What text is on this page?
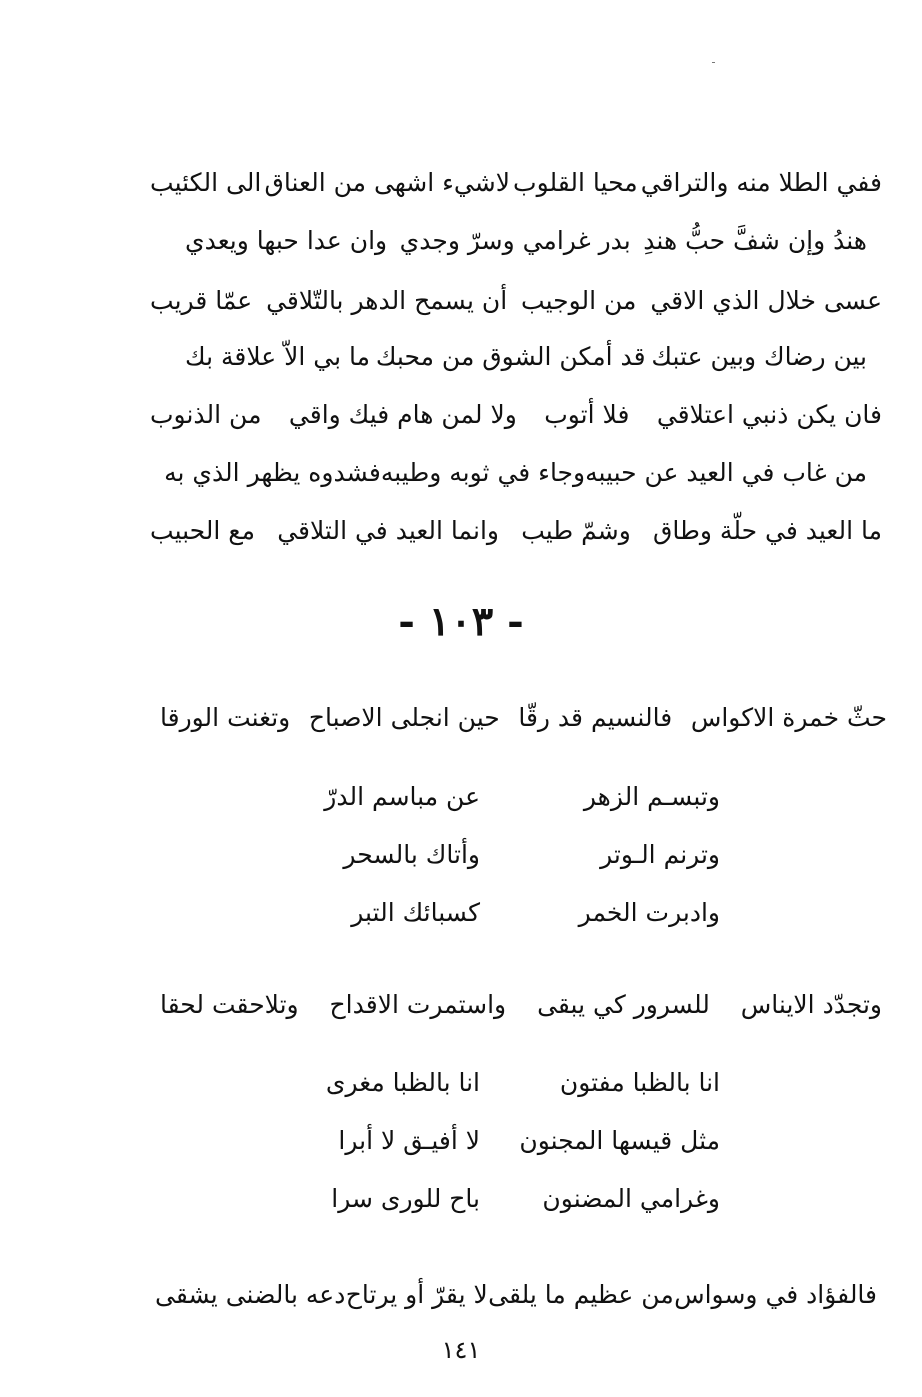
ففي الطلا منه والتراقي
محيا القلوب
لاشيء اشهى من العناق
الى الكئيب
هندُ وإن شفَّ حبُّ هندِ
بدر غرامي وسرّ وجدي
وان عدا حبها ويعدي
عسى خلال الذي الاقي
من الوجيب
أن يسمح الدهر بالتّلاقي
عمّا قريب
بين رضاك وبين عتبك
قد أمكن الشوق من محبك
ما بي الاّ علاقة بك
فان يكن ذنبي اعتلاقي
فلا أتوب
ولا لمن هام فيك واقي
من الذنوب
من غاب في العيد عن حبيبه
وجاء في ثوبه وطيبه
فشدوه يظهر الذي به
ما العيد في حلّة وطاق
وشمّ طيب
وانما العيد في التلاقي
مع الحبيب
- ١٠٣ -
حثّ خمرة الاكواس
فالنسيم قد رقّا
حين انجلى الاصباح
وتغنت الورقا
وتبسـم الزهر
عن مباسم الدرّ
وترنم الـوتر
وأتاك بالسحر
وادبرت الخمر
كسبائك التبر
وتجدّد الايناس
للسرور كي يبقى
واستمرت الاقداح
وتلاحقت لحقا
انا بالظبا مفتون
انا بالظبا مغرى
مثل قيسها المجنون
لا أفيـق لا أبرا
وغرامي المضنون
باح للورى سرا
فالفؤاد في وسواس
من عظيم ما يلقى
لا يقرّ أو يرتاح
دعه بالضنى يشقى
١٤١
